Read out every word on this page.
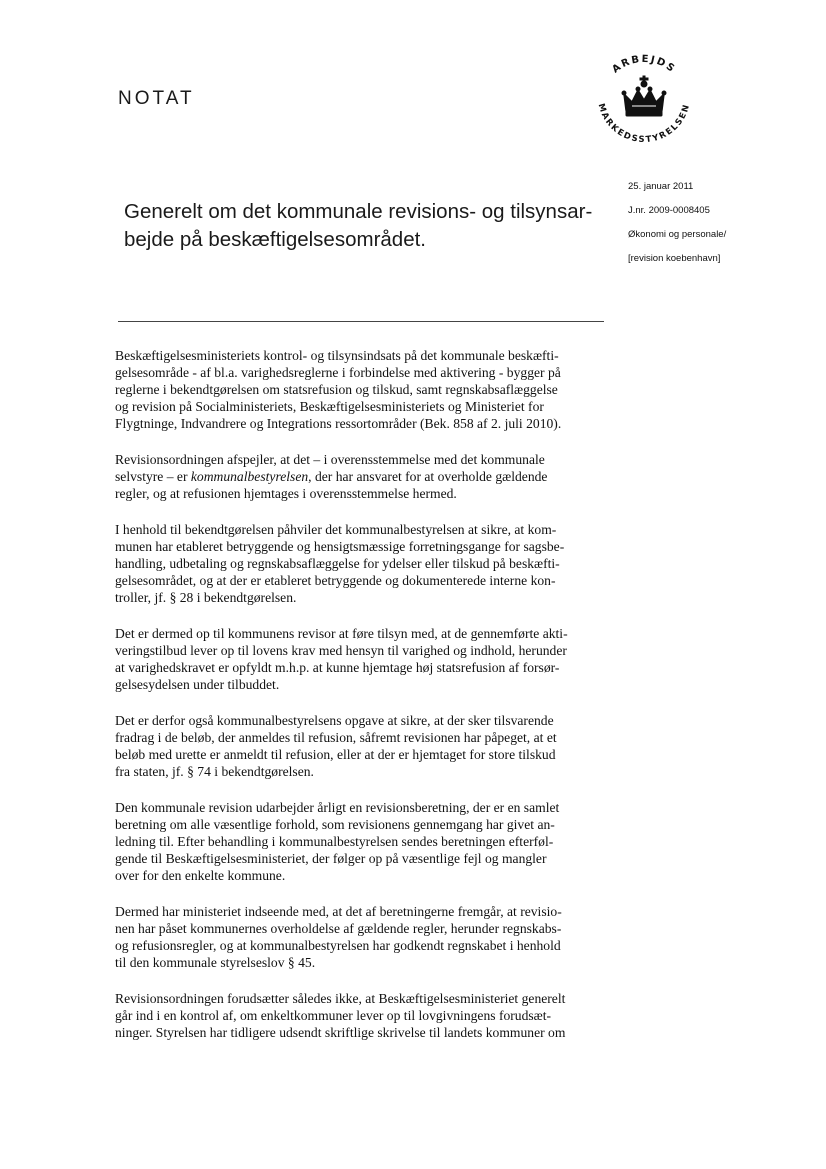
NOTAT
ARBEJDS
MARKEDSSTYRELSEN
25. januar 2011
J.nr. 2009-0008405
Økonomi og personale/
[revision koebenhavn]
Generelt om det kommunale revisions- og tilsynsar-
bejde på beskæftigelsesområdet.

Beskæftigelsesministeriets kontrol- og tilsynsindsats på det kommunale beskæfti-
gelsesområde - af bl.a. varighedsreglerne i forbindelse med aktivering - bygger på
reglerne i bekendtgørelsen om statsrefusion og tilskud, samt regnskabsaflæggelse
og revision på Socialministeriets, Beskæftigelsesministeriets og Ministeriet for
Flygtninge, Indvandrere og Integrations ressortområder (Bek. 858 af 2. juli 2010).

Revisionsordningen afspejler, at det – i overensstemmelse med det kommunale
selvstyre – er kommunalbestyrelsen, der har ansvaret for at overholde gældende
regler, og at refusionen hjemtages i overensstemmelse hermed.

I henhold til bekendtgørelsen påhviler det kommunalbestyrelsen at sikre, at kom-
munen har etableret betryggende og hensigtsmæssige forretningsgange for sagsbe-
handling, udbetaling og regnskabsaflæggelse for ydelser eller tilskud på beskæfti-
gelsesområdet, og at der er etableret betryggende og dokumenterede interne kon-
troller, jf. § 28 i bekendtgørelsen.

Det er dermed op til kommunens revisor at føre tilsyn med, at de gennemførte akti-
veringstilbud lever op til lovens krav med hensyn til varighed og indhold, herunder
at varighedskravet er opfyldt m.h.p. at kunne hjemtage høj statsrefusion af forsør-
gelsesydelsen under tilbuddet.

Det er derfor også kommunalbestyrelsens opgave at sikre, at der sker tilsvarende
fradrag i de beløb, der anmeldes til refusion, såfremt revisionen har påpeget, at et
beløb med urette er anmeldt til refusion, eller at der er hjemtaget for store tilskud
fra staten, jf. § 74 i bekendtgørelsen.

Den kommunale revision udarbejder årligt en revisionsberetning, der er en samlet
beretning om alle væsentlige forhold, som revisionens gennemgang har givet an-
ledning til. Efter behandling i kommunalbestyrelsen sendes beretningen efterføl-
gende til Beskæftigelsesministeriet, der følger op på væsentlige fejl og mangler
over for den enkelte kommune.

Dermed har ministeriet indseende med, at det af beretningerne fremgår, at revisio-
nen har påset kommunernes overholdelse af gældende regler, herunder regnskabs-
og refusionsregler, og at kommunalbestyrelsen har godkendt regnskabet i henhold
til den kommunale styrelseslov § 45.

Revisionsordningen forudsætter således ikke, at Beskæftigelsesministeriet generelt
går ind i en kontrol af, om enkeltkommuner lever op til lovgivningens forudsæt-
ninger. Styrelsen har tidligere udsendt skriftlige skrivelse til landets kommuner om
